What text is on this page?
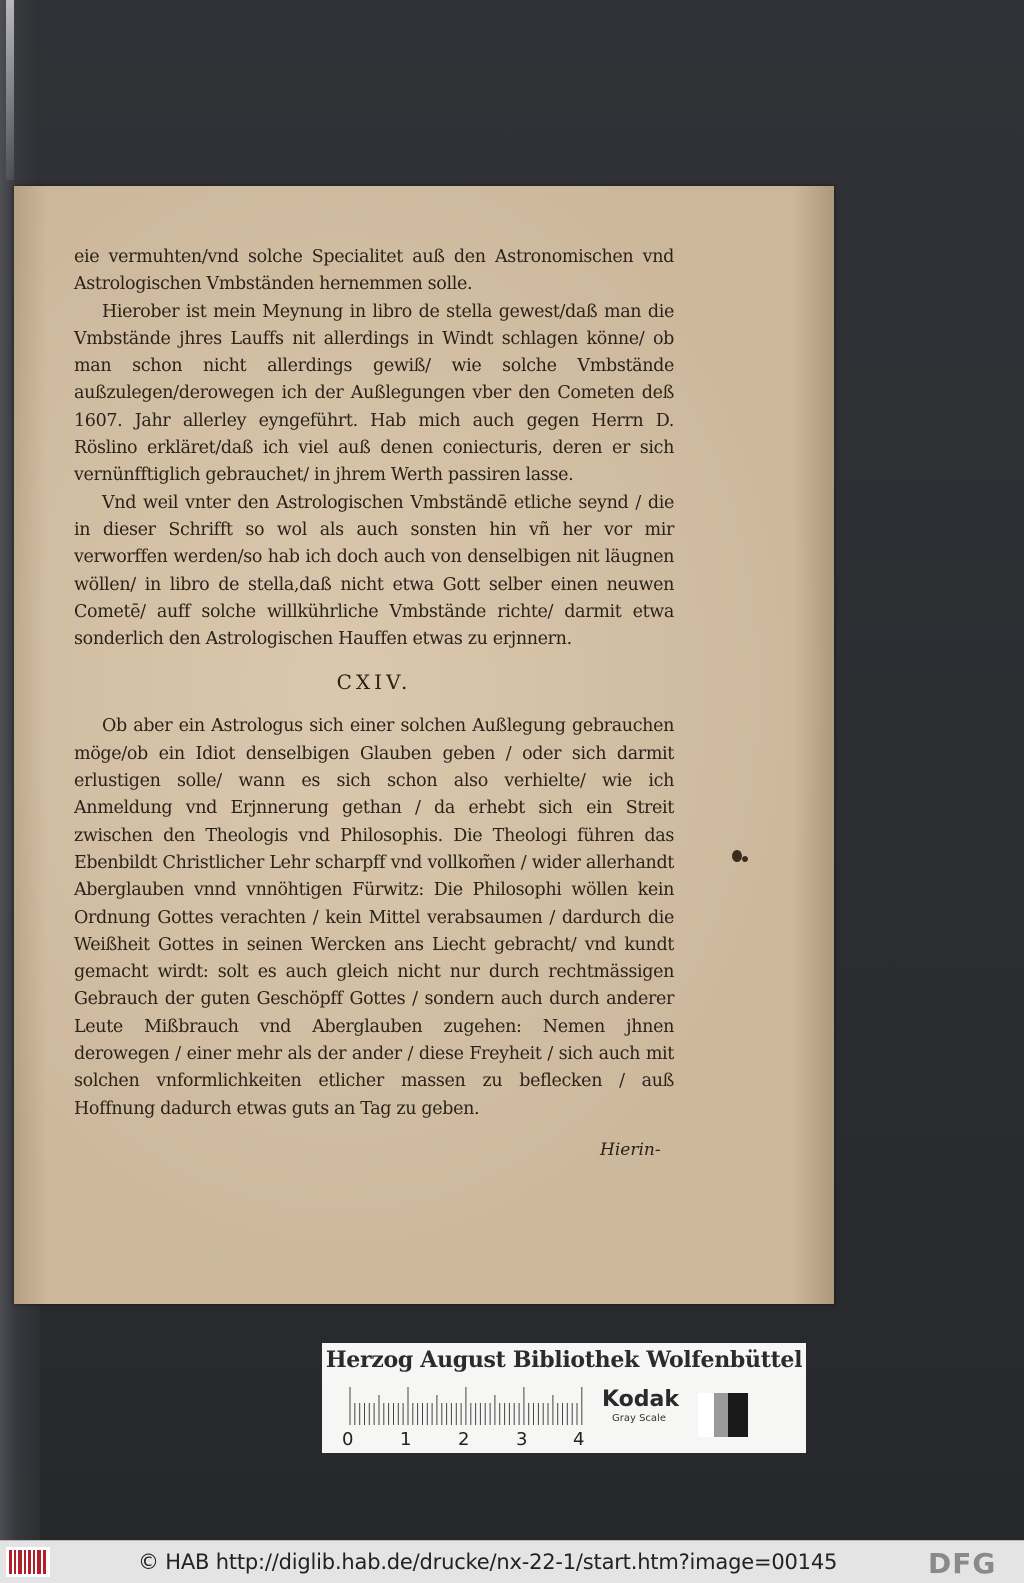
eie vermuhten/vnd solche Specialitet auß den Astronomischen vnd Astrologischen Vmbständen hernemmen solle.

Hierober ist mein Meynung in libro de stella gewest/daß man die Vmbstände jhres Lauffs nit allerdings in Windt schlagen könne/ ob man schon nicht allerdings gewiß/ wie solche Vmbstände außzulegen/derowegen ich der Außlegungen vber den Cometen deß 1607. Jahr allerley eyngeführt. Hab mich auch gegen Herrn D. Röslino erkläret/daß ich viel auß denen coniecturis, deren er sich vernünfftiglich gebrauchet/ in jhrem Werth passiren lasse.

Vnd weil vnter den Astrologischen Vmbständē etliche seynd / die in dieser Schrifft so wol als auch sonsten hin vñ her vor mir verworffen werden/so hab ich doch auch von denselbigen nit läugnen wöllen/ in libro de stella,daß nicht etwa Gott selber einen neuwen Cometē/ auff solche willkührliche Vmbstände richte/ darmit etwa sonderlich den Astrologischen Hauffen etwas zu erjnnern.

CXIV.

Ob aber ein Astrologus sich einer solchen Außlegung gebrauchen möge/ob ein Idiot denselbigen Glauben geben / oder sich darmit erlustigen solle/ wann es sich schon also verhielte/ wie ich Anmeldung vnd Erjnnerung gethan / da erhebt sich ein Streit zwischen den Theologis vnd Philosophis. Die Theologi führen das Ebenbildt Christlicher Lehr scharpff vnd vollkom̃en / wider allerhandt Aberglauben vnnd vnnöhtigen Fürwitz: Die Philosophi wöllen kein Ordnung Gottes verachten / kein Mittel verabsaumen / dardurch die Weißheit Gottes in seinen Wercken ans Liecht gebracht/ vnd kundt gemacht wirdt: solt es auch gleich nicht nur durch rechtmässigen Gebrauch der guten Geschöpff Gottes / sondern auch durch anderer Leute Mißbrauch vnd Aberglauben zugehen: Nemen jhnen derowegen / einer mehr als der ander / diese Freyheit / sich auch mit solchen vnformlichkeiten etlicher massen zu beflecken / auß Hoffnung dadurch etwas guts an Tag zu geben.

Hierin-
Herzog August Bibliothek Wolfenbüttel
0	1	2	3	4
Kodak
Gray Scale
© HAB http://diglib.hab.de/drucke/nx-22-1/start.htm?image=00145	DFG
